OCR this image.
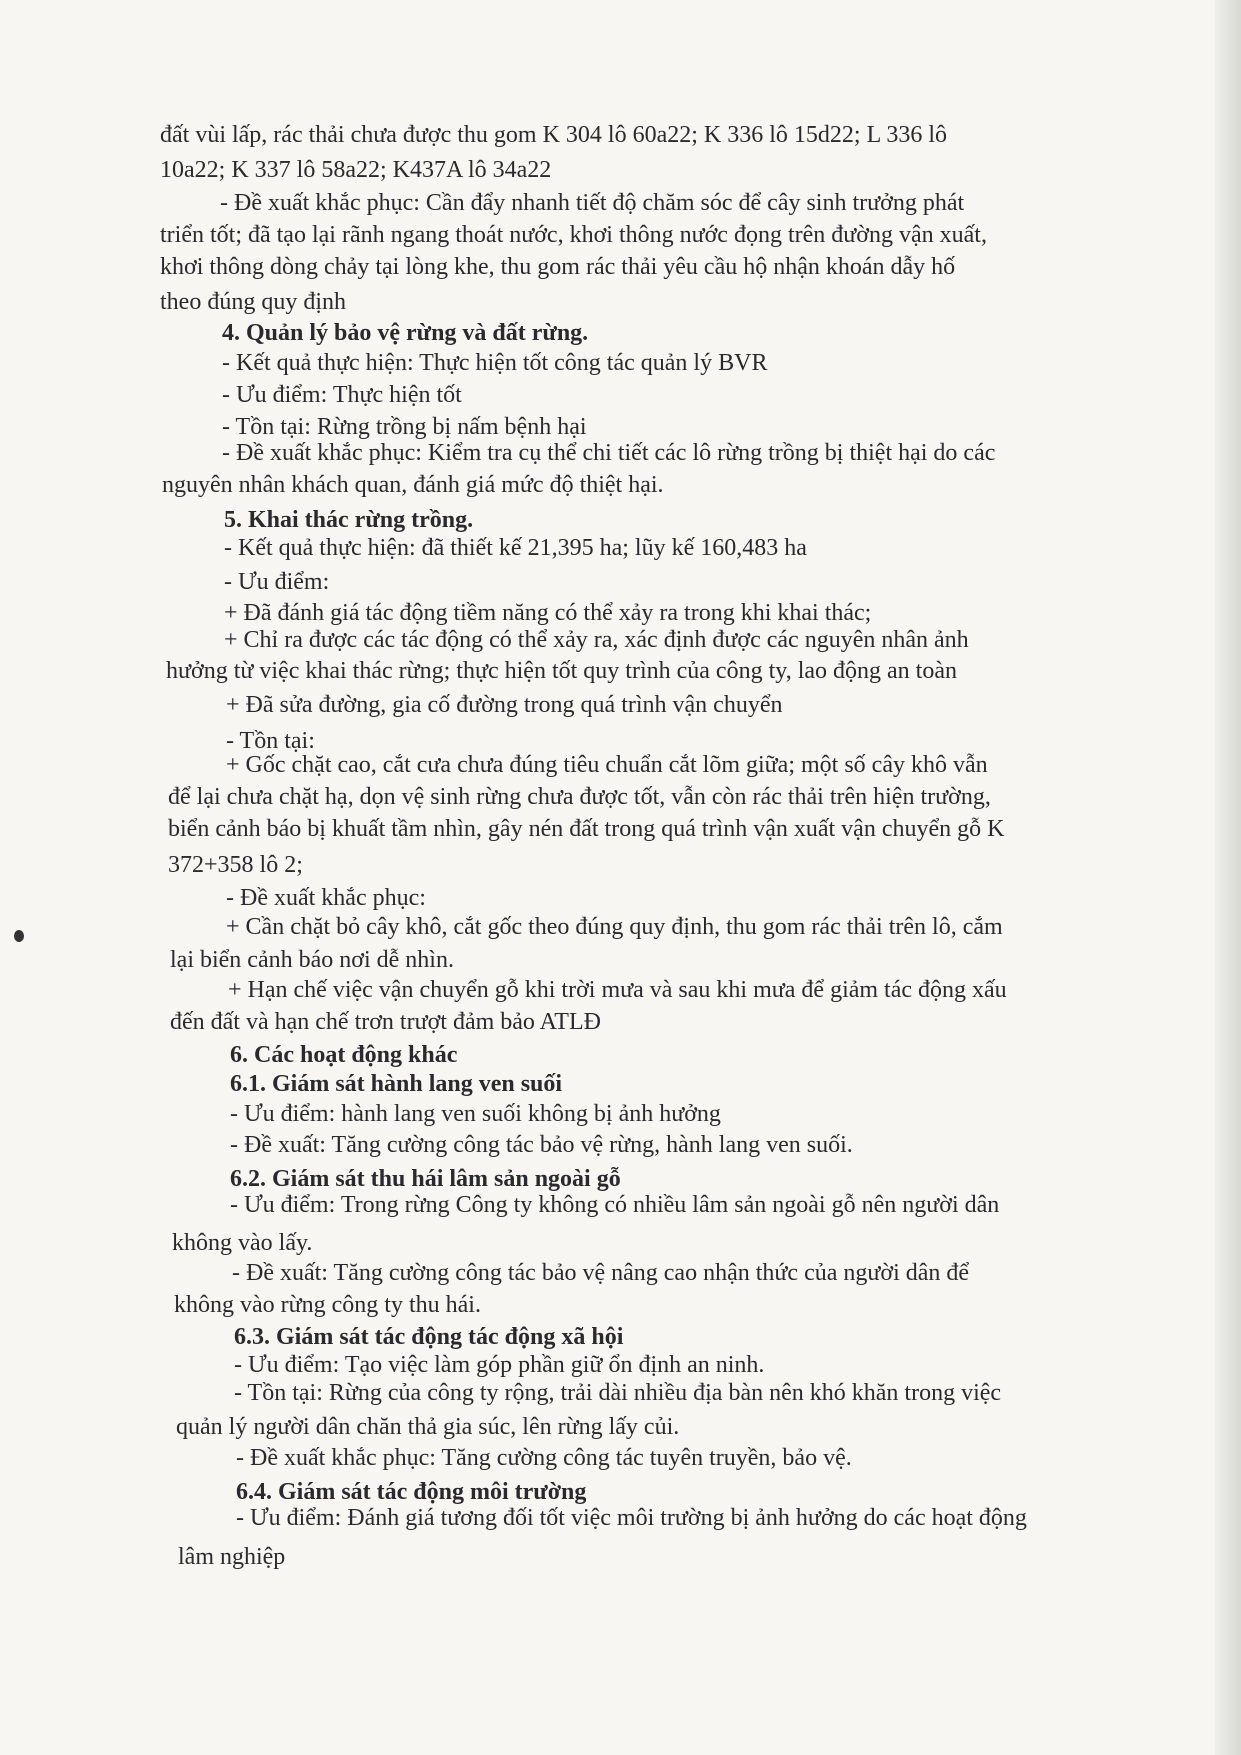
đất vùi lấp, rác thải chưa được thu gom K 304 lô 60a22; K 336 lô 15d22; L 336 lô
10a22; K 337 lô 58a22; K437A lô 34a22
- Đề xuất khắc phục: Cần đẩy nhanh tiết độ chăm sóc để cây sinh trưởng phát
triển tốt; đã tạo lại rãnh ngang thoát nước, khơi thông nước đọng trên đường vận xuất,
khơi thông dòng chảy tại lòng khe, thu gom rác thải yêu cầu hộ nhận khoán dẫy hố
theo đúng quy định
4. Quản lý bảo vệ rừng và đất rừng.
- Kết quả thực hiện: Thực hiện tốt công tác quản lý BVR
- Ưu điểm: Thực hiện tốt
- Tồn tại: Rừng trồng bị nấm bệnh hại
- Đề xuất khắc phục: Kiểm tra cụ thể chi tiết các lô rừng trồng bị thiệt hại do các
nguyên nhân khách quan, đánh giá mức độ thiệt hại.
5. Khai thác rừng trồng.
- Kết quả thực hiện: đã thiết kế 21,395 ha; lũy kế 160,483 ha
- Ưu điểm:
+ Đã đánh giá tác động tiềm năng có thể xảy ra trong khi khai thác;
+ Chỉ ra được các tác động có thể xảy ra, xác định được các nguyên nhân ảnh
hưởng từ việc khai thác rừng; thực hiện tốt quy trình của công ty, lao động an toàn
+ Đã sửa đường, gia cố đường trong quá trình vận chuyển
- Tồn tại:
+ Gốc chặt cao, cắt cưa chưa đúng tiêu chuẩn cắt lõm giữa; một số cây khô vẫn
để lại chưa chặt hạ, dọn vệ sinh rừng chưa được tốt, vẫn còn rác thải trên hiện trường,
biển cảnh báo bị khuất tầm nhìn, gây nén đất trong quá trình vận xuất vận chuyển gỗ K
372+358 lô 2;
- Đề xuất khắc phục:
+ Cần chặt bỏ cây khô, cắt gốc theo đúng quy định, thu gom rác thải trên lô, cắm
lại biển cảnh báo nơi dễ nhìn.
+ Hạn chế việc vận chuyển gỗ khi trời mưa và sau khi mưa để giảm tác động xấu
đến đất và hạn chế trơn trượt đảm bảo ATLĐ
6. Các hoạt động khác
6.1. Giám sát hành lang ven suối
- Ưu điểm: hành lang ven suối không bị ảnh hưởng
- Đề xuất: Tăng cường công tác bảo vệ rừng, hành lang ven suối.
6.2. Giám sát thu hái lâm sản ngoài gỗ
- Ưu điểm: Trong rừng Công ty không có nhiều lâm sản ngoài gỗ nên người dân
không vào lấy.
- Đề xuất: Tăng cường công tác bảo vệ nâng cao nhận thức của người dân để
không vào rừng công ty thu hái.
6.3. Giám sát tác động tác động xã hội
- Ưu điểm: Tạo việc làm góp phần giữ ổn định an ninh.
- Tồn tại: Rừng của công ty rộng, trải dài nhiều địa bàn nên khó khăn trong việc
quản lý người dân chăn thả gia súc, lên rừng lấy củi.
- Đề xuất khắc phục: Tăng cường công tác tuyên truyền, bảo vệ.
6.4. Giám sát tác động môi trường
- Ưu điểm: Đánh giá tương đối tốt việc môi trường bị ảnh hưởng do các hoạt động
lâm nghiệp
